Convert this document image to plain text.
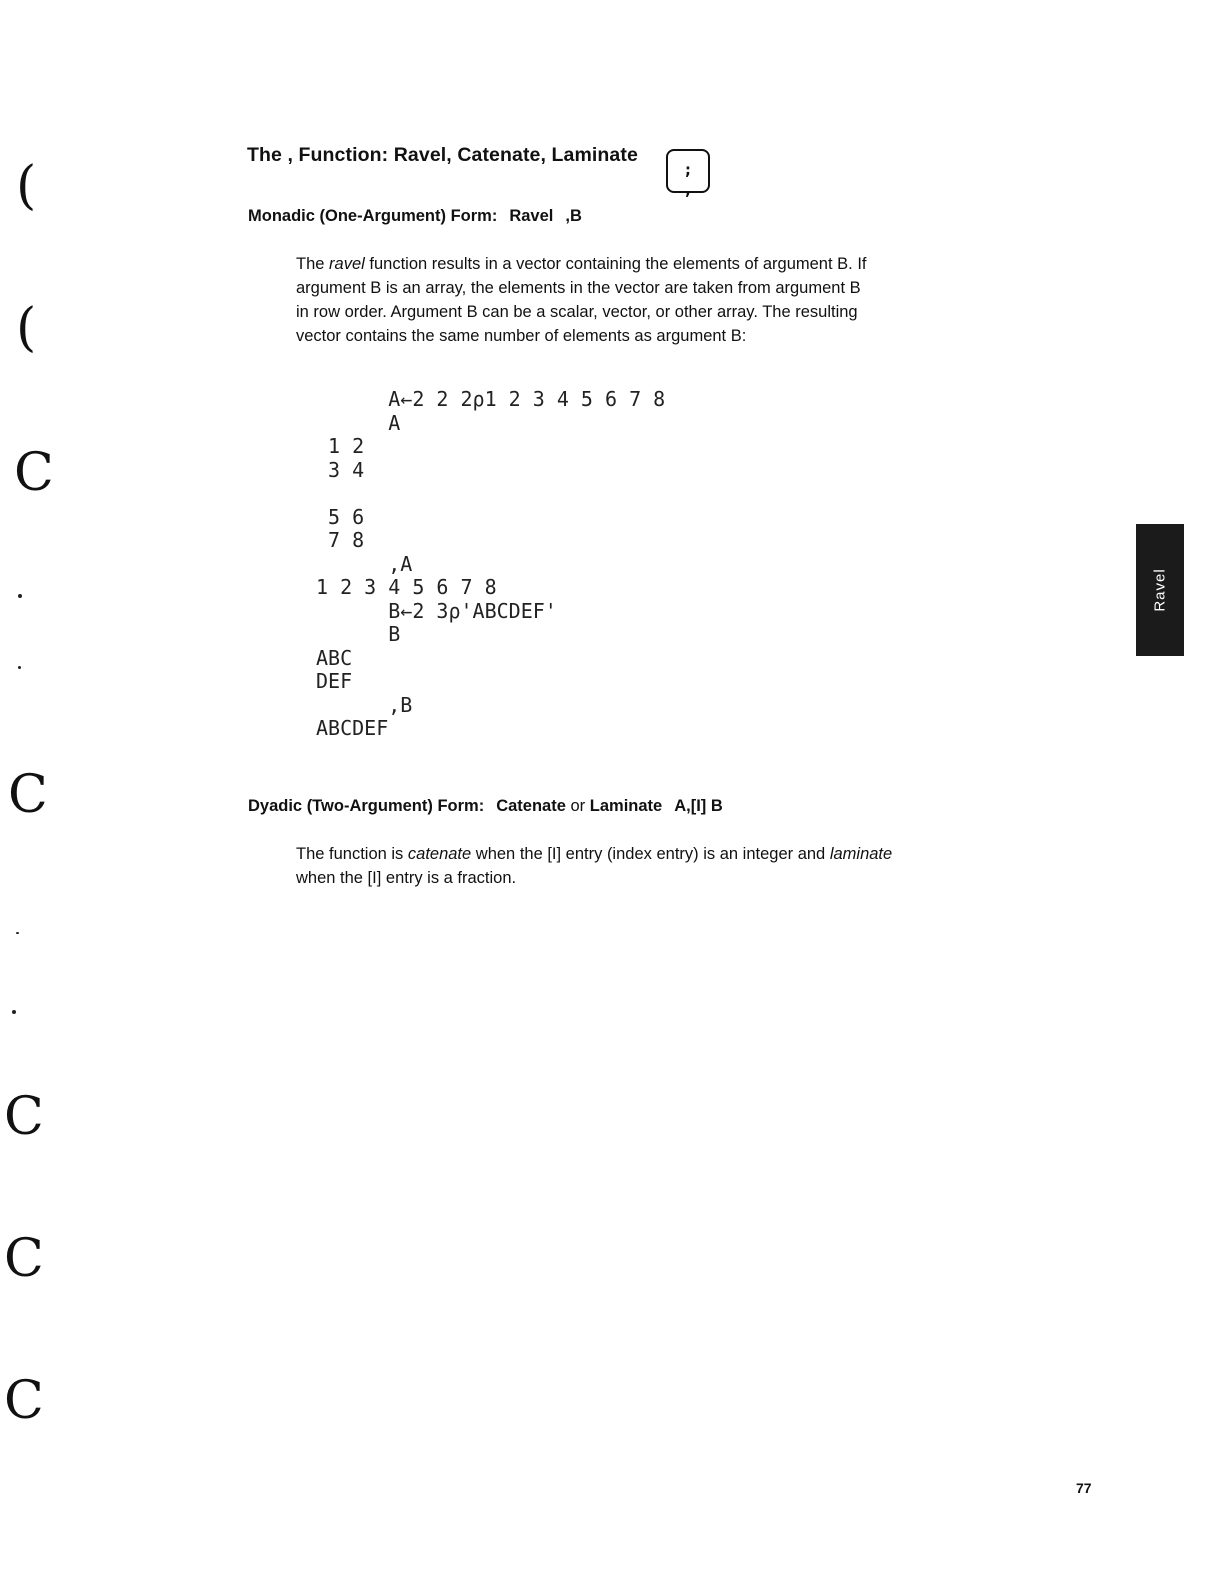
(
(
C
C
C
C
C
The , Function: Ravel, Catenate, Laminate
;
,
Monadic (One-Argument) Form: Ravel ,B

The ravel function results in a vector containing the elements of argument B. If

argument B is an array, the elements in the vector are taken from argument B

in row order. Argument B can be a scalar, vector, or other array. The resulting

vector contains the same number of elements as argument B:

A←2 2 2ρ1 2 3 4 5 6 7 8
A
1 2
3 4

5 6
7 8
,A
1 2 3 4 5 6 7 8
B←2 3ρ'ABCDEF'
B
ABC
DEF
,B
ABCDEF
Dyadic (Two-Argument) Form: Catenate or Laminate A,[I] B

The function is catenate when the [I] entry (index entry) is an integer and laminate

when the [I] entry is a fraction.

Ravel
77
